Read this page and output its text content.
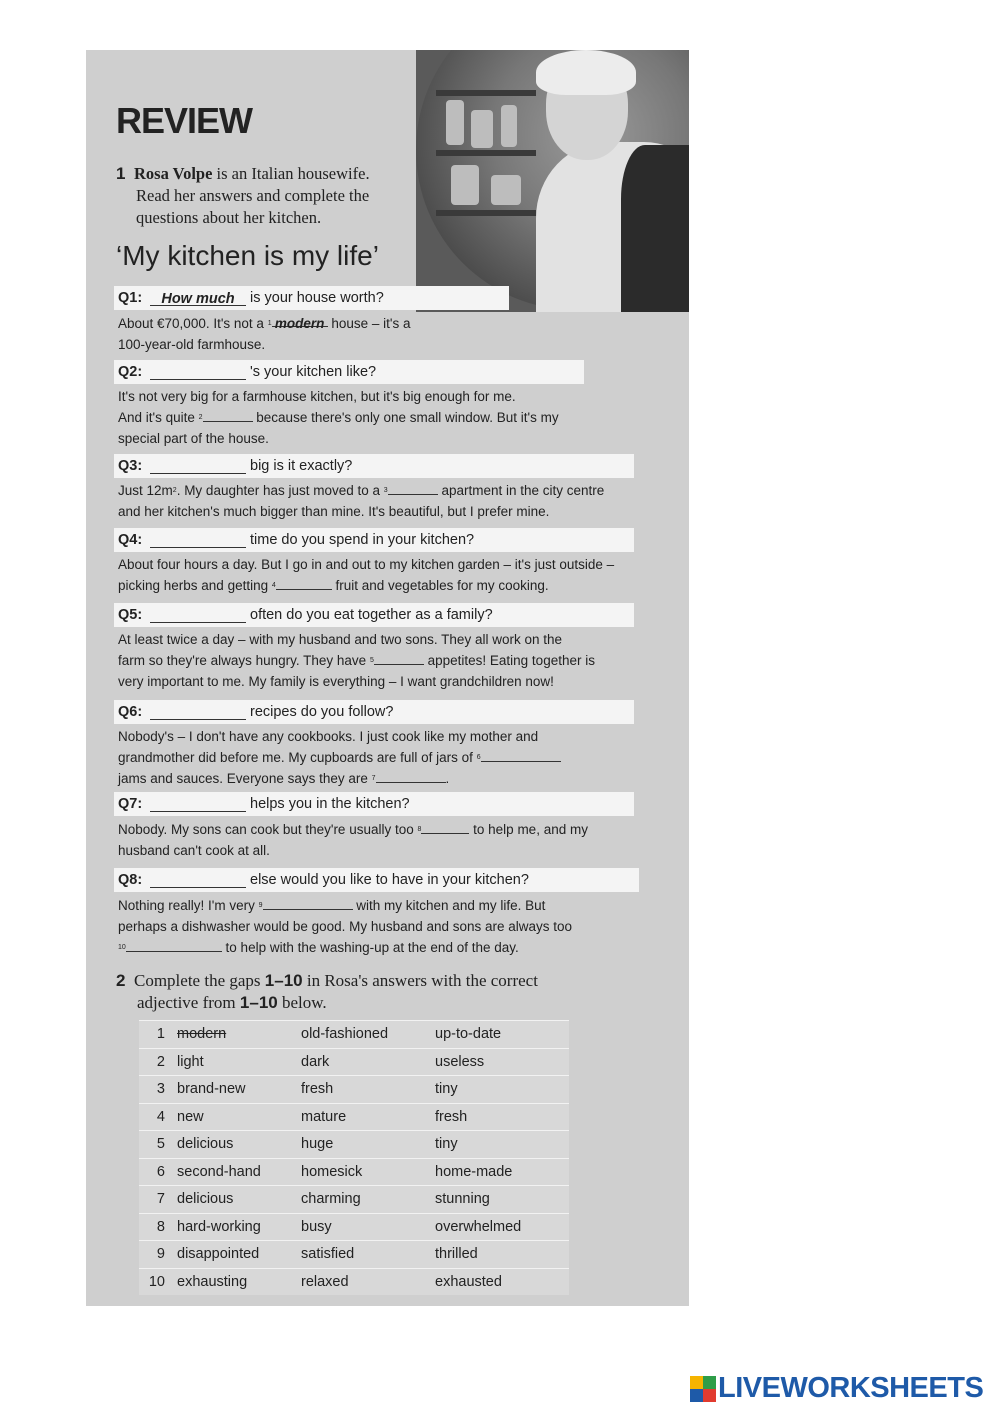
REVIEW
1 Rosa Volpe is an Italian housewife.
Read her answers and complete the
questions about her kitchen.
‘My kitchen is my life’
Q1:	How much	is your house worth?
About €70,000. It's not a $^1$ modern house – it's a
100-year-old farmhouse.
Q2:	's your kitchen like?
It's not very big for a farmhouse kitchen, but it's big enough for me.
And it's quite $^2$	because there's only one small window. But it's my
special part of the house.
Q3:	big is it exactly?
Just $12m^2$. My daughter has just moved to a $^3$	apartment in the city centre
and her kitchen's much bigger than mine. It's beautiful, but I prefer mine.
Q4:	time do you spend in your kitchen?
About four hours a day. But I go in and out to my kitchen garden – it's just outside –
picking herbs and getting $^4$	fruit and vegetables for my cooking.
Q5:	often do you eat together as a family?
At least twice a day – with my husband and two sons. They all work on the
farm so they're always hungry. They have $^5$	appetites! Eating together is
very important to me. My family is everything – I want grandchildren now!
Q6:	recipes do you follow?
Nobody's – I don't have any cookbooks. I just cook like my mother and
grandmother did before me. My cupboards are full of jars of $^6$
jams and sauces. Everyone says they are $^7$	.
Q7:	helps you in the kitchen?
Nobody. My sons can cook but they're usually too $^8$	to help me, and my
husband can't cook at all.
Q8:	else would you like to have in your kitchen?
Nothing really! I'm very $^9$	with my kitchen and my life. But
perhaps a dishwasher would be good. My husband and sons are always too
$^{10}$	to help with the washing-up at the end of the day.
2 Complete the gaps 1–10 in Rosa's answers with the correct
adjective from 1–10 below.
1	modern	old-fashioned	up-to-date
2	light	dark	useless
3	brand-new	fresh	tiny
4	new	mature	fresh
5	delicious	huge	tiny
6	second-hand	homesick	home-made
7	delicious	charming	stunning
8	hard-working	busy	overwhelmed
9	disappointed	satisfied	thrilled
10	exhausting	relaxed	exhausted
LIVEWORKSHEETS
